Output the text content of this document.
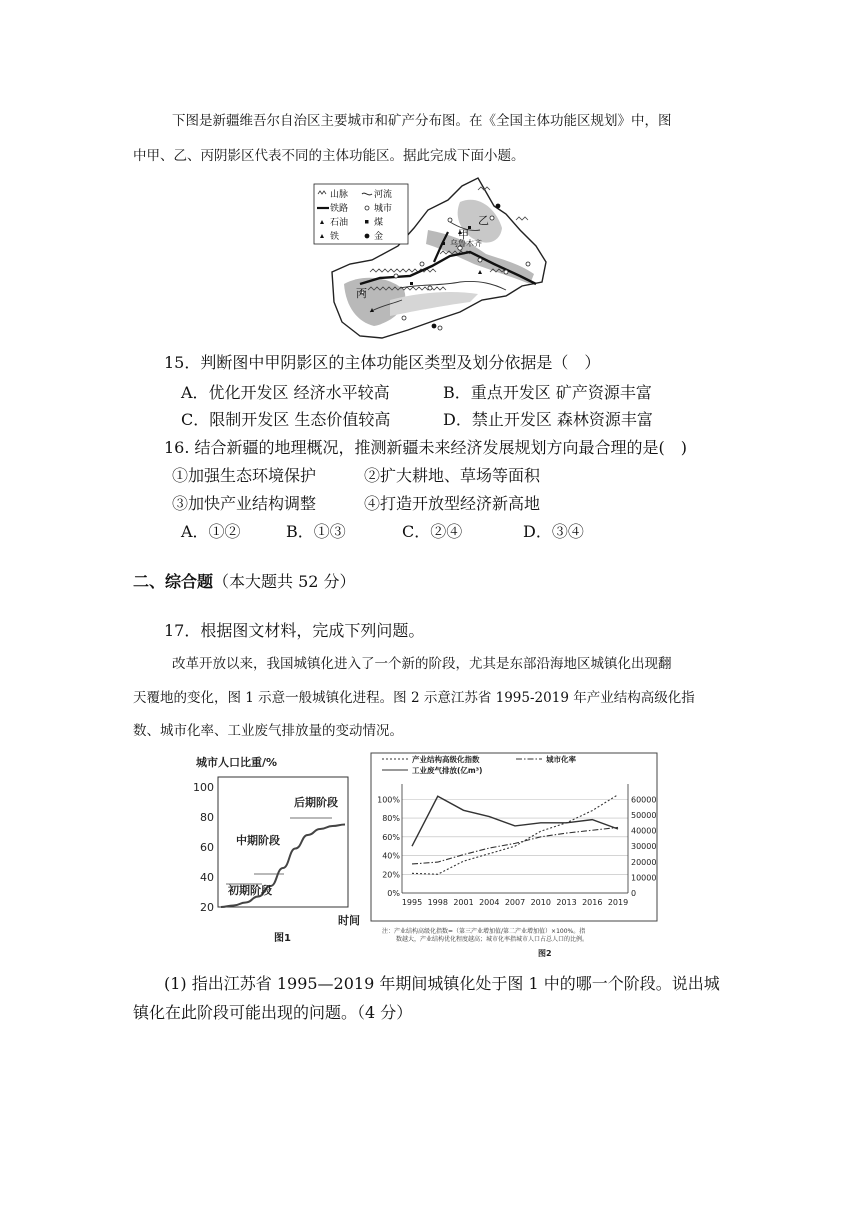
下图是新疆维吾尔自治区主要城市和矿产分布图。在《全国主体功能区规划》中，图
中甲、乙、丙阴影区代表不同的主体功能区。据此完成下面小题。
乙
甲
乌鲁木齐
丙
山脉	河流
铁路	城市
石油	煤
铁	金
15．判断图中甲阴影区的主体功能区类型及划分依据是（　）
A．优化开发区 经济水平较高	B．重点开发区 矿产资源丰富
C．限制开发区 生态价值较高	D．禁止开发区 森林资源丰富
16. 结合新疆的地理概况，推测新疆未来经济发展规划方向最合理的是(　)
①加强生态环境保护	②扩大耕地、草场等面积
③加快产业结构调整	④打造开放型经济新高地
A．①②	B．①③	C．②④	D．③④
二、综合题（本大题共 52 分）
17．根据图文材料，完成下列问题。
改革开放以来，我国城镇化进入了一个新的阶段，尤其是东部沿海地区城镇化出现翻
天覆地的变化，图 1 示意一般城镇化进程。图 2 示意江苏省 1995-2019 年产业结构高级化指
数、城市化率、工业废气排放量的变动情况。
城市人口比重/%
20
40
60
80
100
初期阶段
中期阶段
后期阶段
时间
图1
产业结构高级化指数	城市化率
工业废气排放(亿m³)
0%
20%
40%
60%
80%
100%
0
10000
20000
30000
40000
50000
60000
1995 1998 2001 2004 2007 2010 2013 2016 2019
注：产业结构高级化指数=（第三产业增加值/第二产业增加值）×100%。指
数越大，产业结构优化程度越高；城市化率指城市人口占总人口的比例。
图2
(1) 指出江苏省 1995—2019 年期间城镇化处于图 1 中的哪一个阶段。说出城
镇化在此阶段可能出现的问题。（4 分）
